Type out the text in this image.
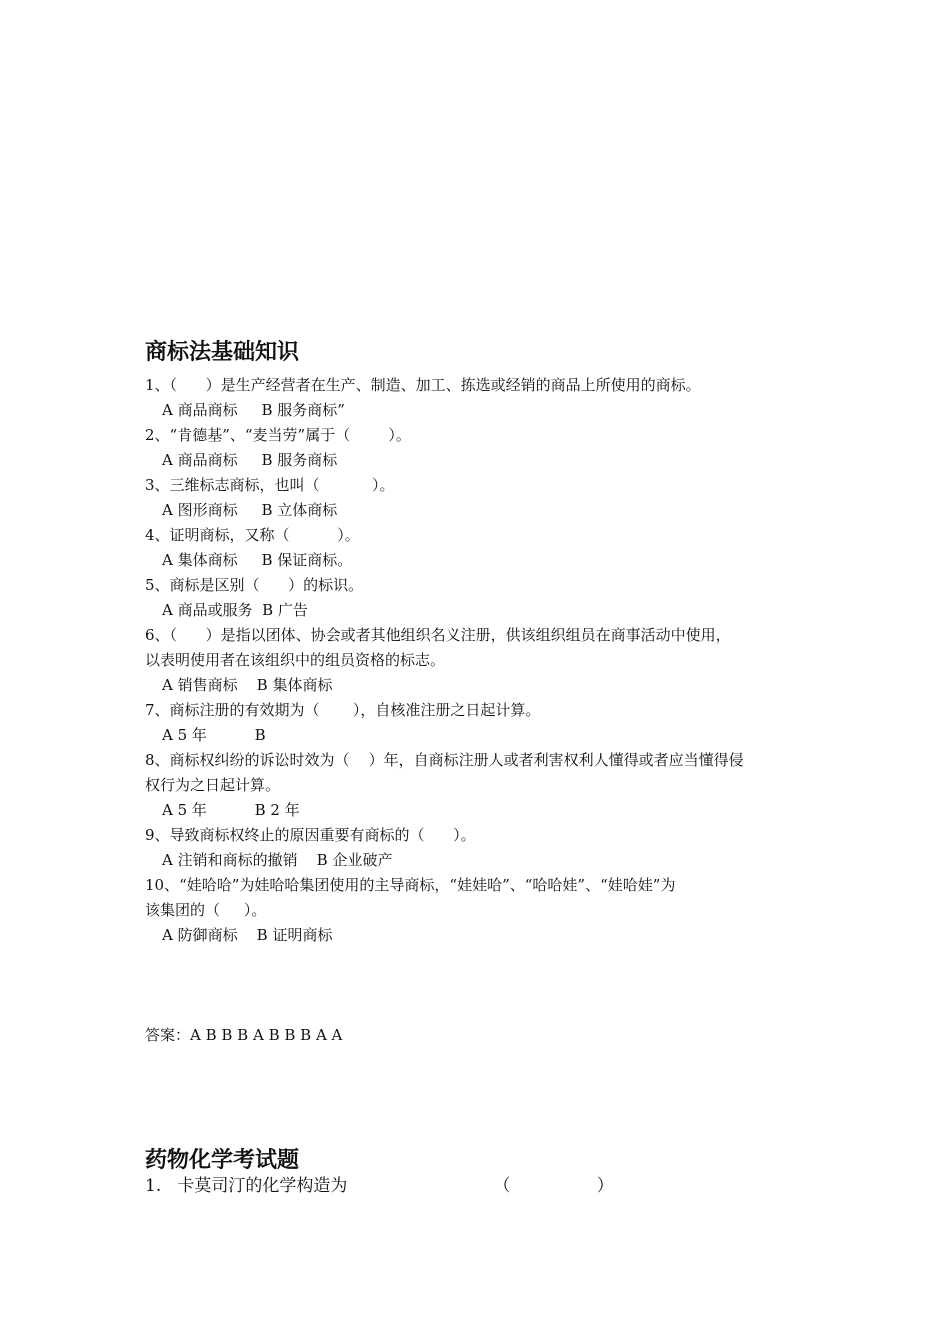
商标法基础知识
1、（      ）是生产经营者在生产、制造、加工、拣选或经销的商品上所使用的商标。
A 商品商标     B 服务商标”
2、“肯德基”、“麦当劳”属于（        ）。
A 商品商标     B 服务商标
3、三维标志商标，也叫（           ）。
A 图形商标     B 立体商标
4、证明商标，又称（          ）。
A 集体商标     B 保证商标。
5、商标是区别（      ）的标识。
A 商品或服务  B 广告
6、（      ）是指以团体、协会或者其他组织名义注册，供该组织组员在商事活动中使用，
以表明使用者在该组织中的组员资格的标志。
A 销售商标    B 集体商标
7、商标注册的有效期为（       ），自核准注册之日起计算。
A 5 年          B
8、商标权纠纷的诉讼时效为（    ）年，自商标注册人或者利害权利人懂得或者应当懂得侵
权行为之日起计算。
A 5 年          B 2 年
9、导致商标权终止的原因重要有商标的（      ）。
A 注销和商标的撤销    B 企业破产
10、“娃哈哈”为娃哈哈集团使用的主导商标，“娃娃哈”、“哈哈娃”、“娃哈娃”为
该集团的（     ）。
A 防御商标    B 证明商标
答案：A B B B A B B B A A
药物化学考试题
1.   卡莫司汀的化学构造为                           （                ）
